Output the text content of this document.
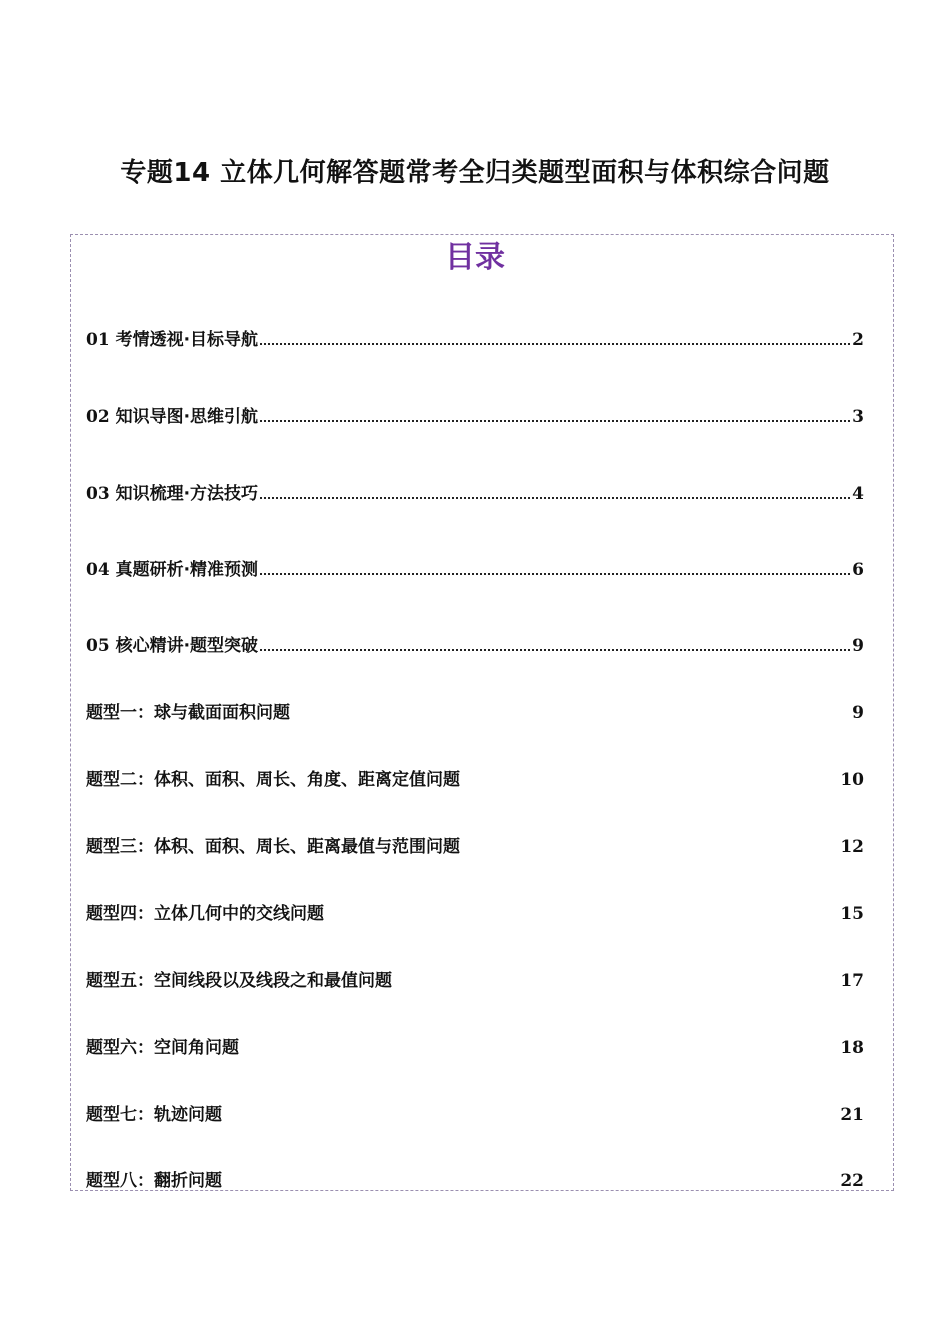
专题14 立体几何解答题常考全归类题型面积与体积综合问题
目录
01 考情透视·目标导航	2
02 知识导图·思维引航	3
03 知识梳理·方法技巧	4
04 真题研析·精准预测	6
05 核心精讲·题型突破	9
题型一：球与截面面积问题	9
题型二：体积、面积、周长、角度、距离定值问题	10
题型三：体积、面积、周长、距离最值与范围问题	12
题型四：立体几何中的交线问题	15
题型五：空间线段以及线段之和最值问题	17
题型六：空间角问题	18
题型七：轨迹问题	21
题型八：翻折问题	22
